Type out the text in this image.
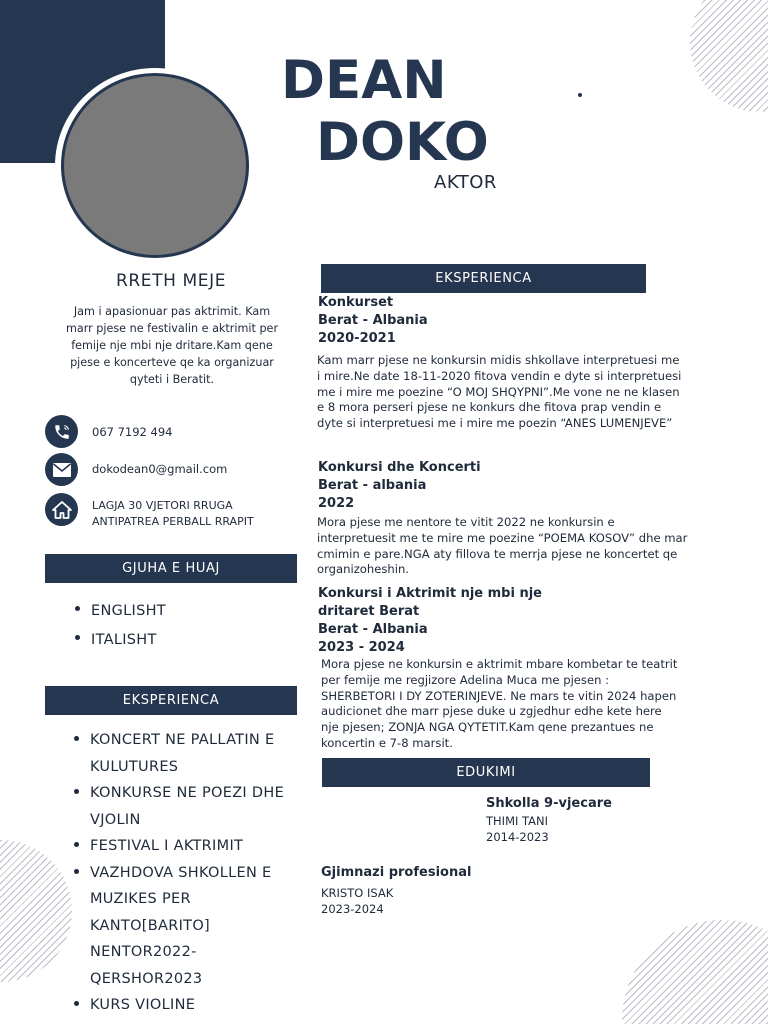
DEAN
DOKO
AKTOR
RRETH MEJE
Jam i apasionuar pas aktrimit. Kam marr pjese ne festivalin e aktrimit per femije nje mbi nje dritare.Kam qene pjese e koncerteve qe ka organizuar qyteti i Beratit.
067 7192 494
dokodean0@gmail.com
LAGJA 30 VJETORI RRUGA
ANTIPATREA PERBALL RRAPIT
GJUHA E HUAJ
ENGLISHT
ITALISHT
EKSPERIENCA
KONCERT NE PALLATIN E KULUTURES
KONKURSE NE POEZI DHE VJOLIN
FESTIVAL I AKTRIMIT
VAZHDOVA SHKOLLEN E MUZIKES PER KANTO[BARITO] NENTOR2022-QERSHOR2023
KURS VIOLINE
EKSPERIENCA
Konkurset
Berat - Albania
2020-2021
Kam marr pjese ne konkursin midis shkollave interpretuesi me i mire.Ne date 18-11-2020 fitova vendin e dyte si interpretuesi me i mire me poezine “O MOJ SHQYPNI”.Me vone ne ne klasen e 8 mora perseri pjese ne konkurs dhe fitova prap vendin e dyte si interpretuesi me i mire me poezin “ANES LUMENJEVE”
Konkursi dhe Koncerti
Berat - albania
2022
Mora pjese me nentore te vitit 2022 ne konkursin e interpretuesit me te mire me poezine “POEMA KOSOV” dhe mar cmimin e pare.NGA aty fillova te merrja pjese ne koncertet qe organizoheshin.
Konkursi i Aktrimit nje mbi nje dritaret Berat
Berat - Albania
2023 - 2024
Mora pjese ne konkursin e aktrimit mbare kombetar te teatrit per femije me regjizore Adelina Muca me pjesen : SHERBETORI I DY ZOTERINJEVE. Ne mars te vitin 2024 hapen audicionet dhe marr pjese duke u zgjedhur edhe kete here nje pjesen; ZONJA NGA QYTETIT.Kam qene prezantues ne koncertin e 7-8 marsit.
EDUKIMI
Shkolla 9-vjecare
THIMI TANI
2014-2023
Gjimnazi profesional
KRISTO ISAK
2023-2024
